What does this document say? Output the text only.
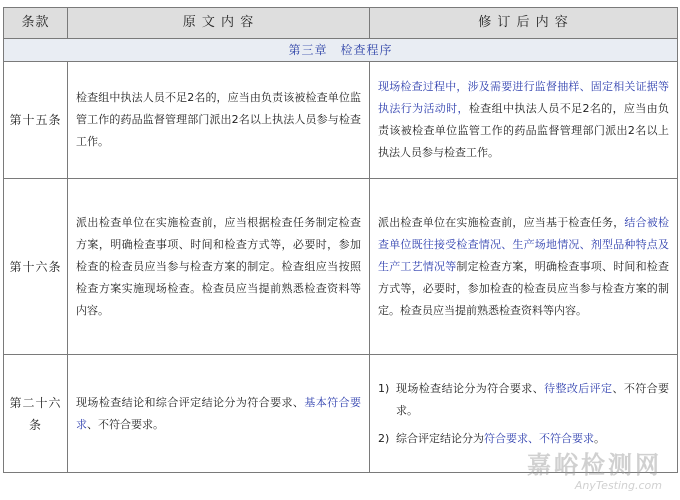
条款	原 文 内 容	修 订 后 内 容
第三章　检查程序		
第十五条	检查组中执法人员不足2名的，应当由负责该被检查单位监管工作的药品监督管理部门派出2名以上执法人员参与检查工作。	现场检查过程中，涉及需要进行监督抽样、固定相关证据等执法行为活动时，检查组中执法人员不足2名的，应当由负责该被检查单位监管工作的药品监督管理部门派出2名以上执法人员参与检查工作。
第十六条	派出检查单位在实施检查前，应当根据检查任务制定检查方案，明确检查事项、时间和检查方式等，必要时，参加检查的检查员应当参与检查方案的制定。检查组应当按照检查方案实施现场检查。检查员应当提前熟悉检查资料等内容。	派出检查单位在实施检查前，应当基于检查任务，结合被检查单位既往接受检查情况、生产场地情况、剂型品种特点及生产工艺情况等制定检查方案，明确检查事项、时间和检查方式等，必要时，参加检查的检查员应当参与检查方案的制定。检查员应当提前熟悉检查资料等内容。
第二十六条	现场检查结论和综合评定结论分为符合要求、基本符合要求、不符合要求。	1) 现场检查结论分为符合要求、待整改后评定、不符合要求。
2) 综合评定结论分为符合要求、不符合要求。
嘉峪检测网
AnyTesting.com
